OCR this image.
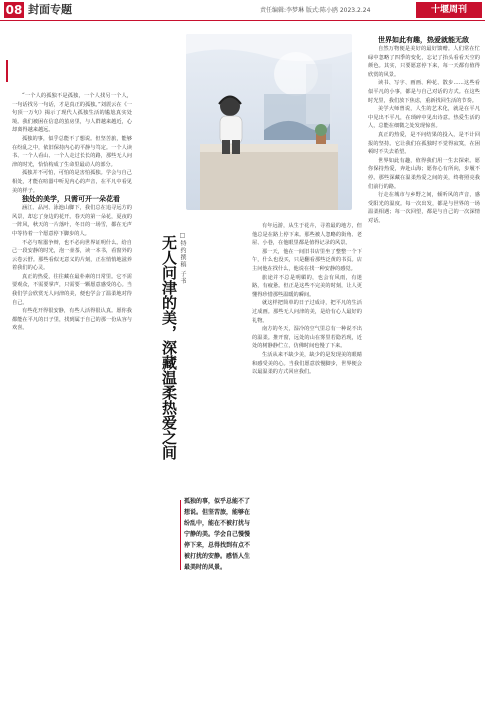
08 封面专题	责任编辑:李梦琳 版式:陈小鸥 2023.2.24	十堰周刊

“一个人的孤独不是孤独，一个人找另一个人，一句话找另一句话，才是真正的孤独。”刘震云在《一句顶一万句》揭示了现代人孤独生活的尴尬真实处境。我们被困在信息的茧房里，与人群越来越近，心却离得越来越远。

孤独的事，似乎总能不了想说。但坚苦旅，能够在纷乱之中，依旧保持内心的平静与笃定。一个人读书、一个人看山、一个人走过长长的路，那些无人问津的时光，恰恰构成了生命里最动人的部分。

孤独并不可怕，可怕的是害怕孤独。学会与自己相处，才能在喧嚣中听见内心的声音，在平凡中看见美的样子。

独处的美学，只需可开一朵花看

涵江、品河、泳池山脚下，我们总在追寻远方的风景，却忘了身边的花开。春天的第一朵花，夏夜的一阵风，秋天的一片落叶，冬日的一场雪，都在无声中等待着一个愿意停下脚步的人。

不必与喧嚣争辩，也不必向世界证明什么。给自己一段安静的时光，泡一壶茶，读一本书，看窗外的云卷云舒。那些看似无意义的片刻，正在悄悄地滋养着我们的心灵。

真正的热爱，往往藏在最朴素的日常里。它不需要观众，不需要掌声，只需要一颗愿意感受的心。当我们学会欣赏无人问津的美，便也学会了温柔地对待自己。

有些花开得很安静，有些人活得很认真。愿你我都能在平凡的日子里，找到属于自己的那一份从容与欢喜。	无人问津的美，深藏温柔热爱之间 □特约撰稿 子书

有年远游，从生于花卉，寻着最的地方，但他总是在路上停下来。那些被人忽略的街角、老屋、小巷，在他眼里都是值得记录的风景。

那一天，他在一间旧书店里坐了整整一个下午，什么也没买，只是翻看那些泛黄的书页。店主问他在找什么，他说在找一种安静的感觉。

旅途并不总是明媚的，也会有风雨，有迷路，有疲惫。但正是这些不完美的时刻，让人更懂得珍惜那些温暖的瞬间。

就这样把简单的日子过成诗，把平凡的生活过成画。那些无人问津的美，是给有心人最好的礼物。

南方的冬天，湿冷的空气里总有一种说不出的温柔。推开窗，远处的山在雾里若隐若现，近处的树静静伫立，仿佛时间也慢了下来。

生活从来不缺少美，缺少的是发现美的眼睛和感受美的心。当我们愿意放慢脚步，世界便会以最温柔的方式回应我们。

孤独的事，似乎总能不了想说。但坚苦旅，能够在纷乱中，能在不被打扰与宁静的美。学会自己慢慢停下来，总得找到有点不被打扰的安静。感悟人生最美时的风景。

世界如此有趣，热爱就能无敌

自然万物便是美好的最好馈赠。人们常在忙碌中忽略了四季的变化，忘记了抬头看看天空的颜色。其实，只要愿意停下来，每一天都有值得欣赏的风景。

读书、写字、画画、种花、散步……这些看似平凡的小事，都是与自己对话的方式。在这些时光里，我们放下焦虑，重新找回生活的节奏。

美学大师曾说，人生的艺术化，就是在平凡中见出不平凡，在琐碎中见出诗意。热爱生活的人，总能在细微之处发现惊喜。

真正的热爱，是不问结果的投入，是不计回报的坚持。它让我们在孤独时不觉得寂寞，在困顿时不失去希望。

世界如此有趣，值得我们用一生去探索。愿你保持热爱，奔赴山海；愿你心有所向，步履不停。那些深藏在温柔热爱之间的美，终将照亮我们前行的路。

行走在城市与乡野之间，倾听风的声音，感受阳光的温度。每一次出发，都是与世界的一场温柔相遇；每一次回望，都是与自己的一次深情对话。
